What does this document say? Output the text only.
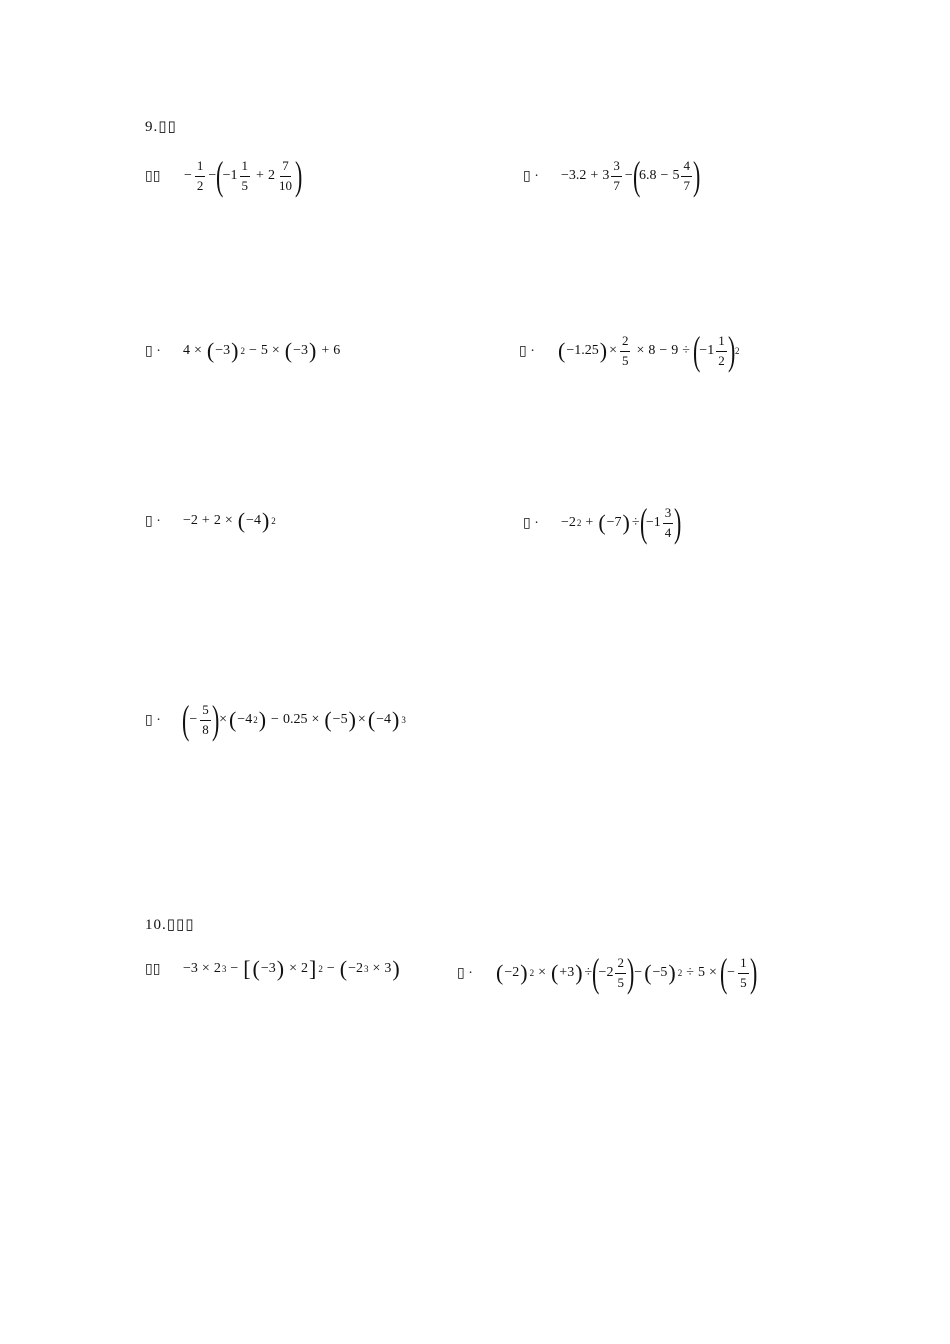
9.▯▯
▯▯	− $\frac{1}{2}$ − (
$-1 \frac{1}{5} + 2 \frac{7}{10}$ )	▯ ·	$-3.2 + 3 \frac{3}{7}$ − (
$6.8 - 5 \frac{4}{7}$ )
▯ ·	4 × ( −3 ) 2 − 5 × ( −3 ) + 6	▯ ·	( −1.25 ) × $\frac{2}{5} \times 8 - 9$ ÷ (
$-1 \frac{1}{2}$ ) 2
▯ ·	−2 + 2 × ( −4 ) 2	▯ ·	−2 2 + ( −7 ) ÷ (
$-1 \frac{3}{4}$ )
▯ · ( − $\frac{5}{8}$ ) × ( −4 2 ) − 0.25 × ( −5 ) × ( −4 ) 3
10.▯▯▯
▯▯	−3 × 2 3 − [ ( −3 ) × 2 ] 2 − ( −2 3 × 3 )	▯ ·	( −2 ) 2 × ( +3 ) ÷ (
$-2 \frac{2}{5}$ ) − ( −5 ) 2 ÷ 5 × ( − $\frac{1}{5}$ )
